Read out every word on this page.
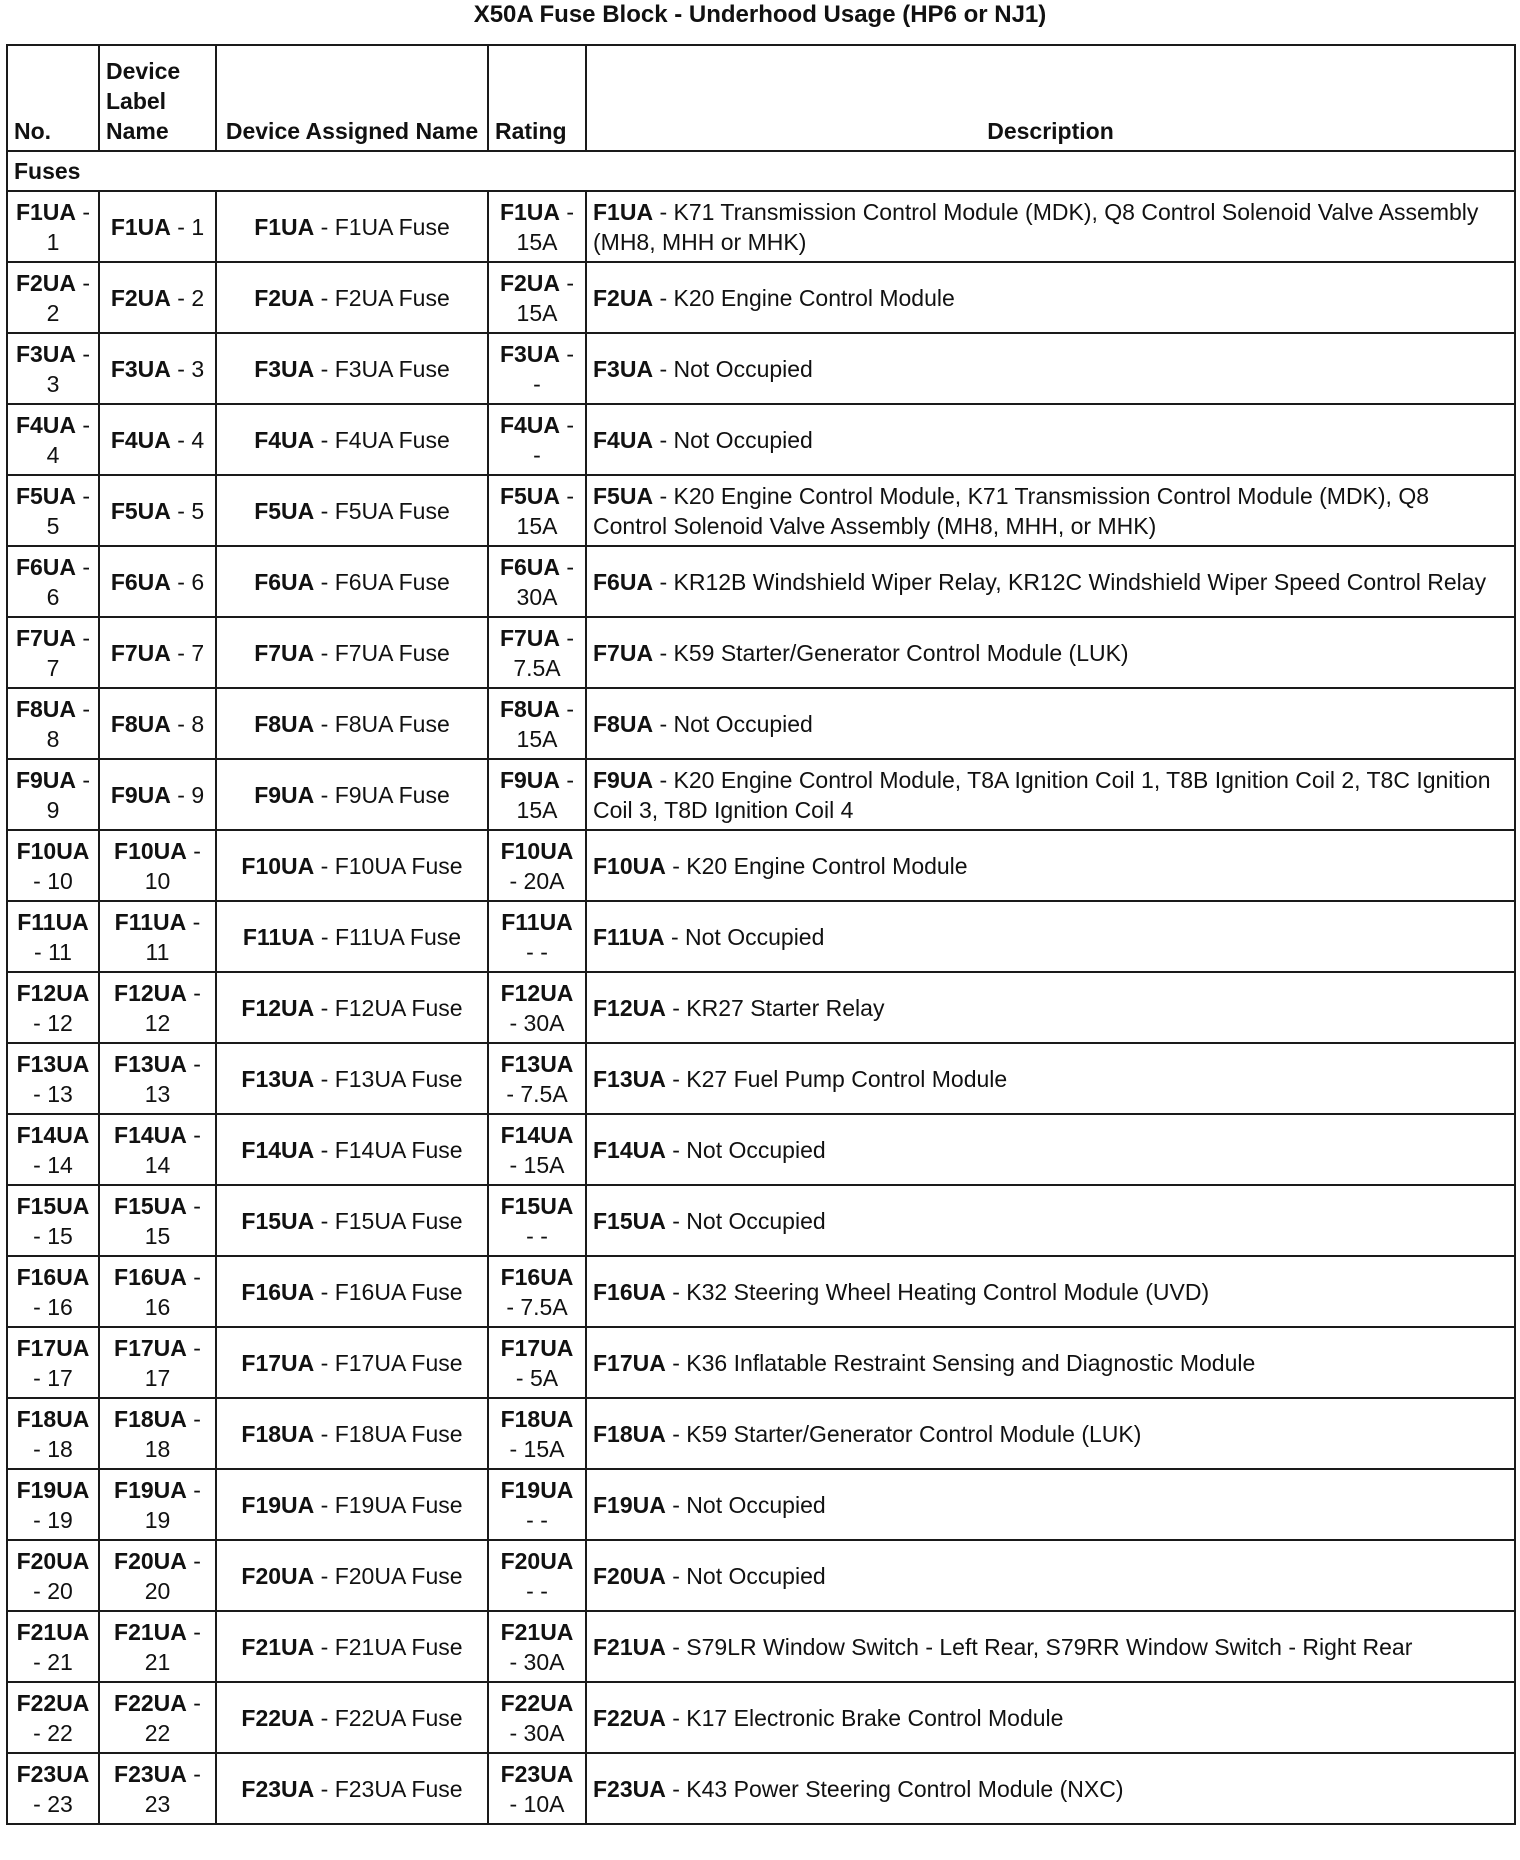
X50A Fuse Block - Underhood Usage (HP6 or NJ1)
No.	Device Label Name	Device Assigned Name	Rating	Description
Fuses				
F1UA - 1	F1UA - 1	F1UA - F1UA Fuse	F1UA - 15A	F1UA - K71 Transmission Control Module (MDK), Q8 Control Solenoid Valve Assembly (MH8, MHH or MHK)
F2UA - 2	F2UA - 2	F2UA - F2UA Fuse	F2UA - 15A	F2UA - K20 Engine Control Module
F3UA - 3	F3UA - 3	F3UA - F3UA Fuse	F3UA - -	F3UA - Not Occupied
F4UA - 4	F4UA - 4	F4UA - F4UA Fuse	F4UA - -	F4UA - Not Occupied
F5UA - 5	F5UA - 5	F5UA - F5UA Fuse	F5UA - 15A	F5UA - K20 Engine Control Module, K71 Transmission Control Module (MDK), Q8 Control Solenoid Valve Assembly (MH8, MHH, or MHK)
F6UA - 6	F6UA - 6	F6UA - F6UA Fuse	F6UA - 30A	F6UA - KR12B Windshield Wiper Relay, KR12C Windshield Wiper Speed Control Relay
F7UA - 7	F7UA - 7	F7UA - F7UA Fuse	F7UA - 7.5A	F7UA - K59 Starter/Generator Control Module (LUK)
F8UA - 8	F8UA - 8	F8UA - F8UA Fuse	F8UA - 15A	F8UA - Not Occupied
F9UA - 9	F9UA - 9	F9UA - F9UA Fuse	F9UA - 15A	F9UA - K20 Engine Control Module, T8A Ignition Coil 1, T8B Ignition Coil 2, T8C Ignition Coil 3, T8D Ignition Coil 4
F10UA - 10	F10UA - 10	F10UA - F10UA Fuse	F10UA - 20A	F10UA - K20 Engine Control Module
F11UA - 11	F11UA - 11	F11UA - F11UA Fuse	F11UA - -	F11UA - Not Occupied
F12UA - 12	F12UA - 12	F12UA - F12UA Fuse	F12UA - 30A	F12UA - KR27 Starter Relay
F13UA - 13	F13UA - 13	F13UA - F13UA Fuse	F13UA - 7.5A	F13UA - K27 Fuel Pump Control Module
F14UA - 14	F14UA - 14	F14UA - F14UA Fuse	F14UA - 15A	F14UA - Not Occupied
F15UA - 15	F15UA - 15	F15UA - F15UA Fuse	F15UA - -	F15UA - Not Occupied
F16UA - 16	F16UA - 16	F16UA - F16UA Fuse	F16UA - 7.5A	F16UA - K32 Steering Wheel Heating Control Module (UVD)
F17UA - 17	F17UA - 17	F17UA - F17UA Fuse	F17UA - 5A	F17UA - K36 Inflatable Restraint Sensing and Diagnostic Module
F18UA - 18	F18UA - 18	F18UA - F18UA Fuse	F18UA - 15A	F18UA - K59 Starter/Generator Control Module (LUK)
F19UA - 19	F19UA - 19	F19UA - F19UA Fuse	F19UA - -	F19UA - Not Occupied
F20UA - 20	F20UA - 20	F20UA - F20UA Fuse	F20UA - -	F20UA - Not Occupied
F21UA - 21	F21UA - 21	F21UA - F21UA Fuse	F21UA - 30A	F21UA - S79LR Window Switch - Left Rear, S79RR Window Switch - Right Rear
F22UA - 22	F22UA - 22	F22UA - F22UA Fuse	F22UA - 30A	F22UA - K17 Electronic Brake Control Module
F23UA - 23	F23UA - 23	F23UA - F23UA Fuse	F23UA - 10A	F23UA - K43 Power Steering Control Module (NXC)
